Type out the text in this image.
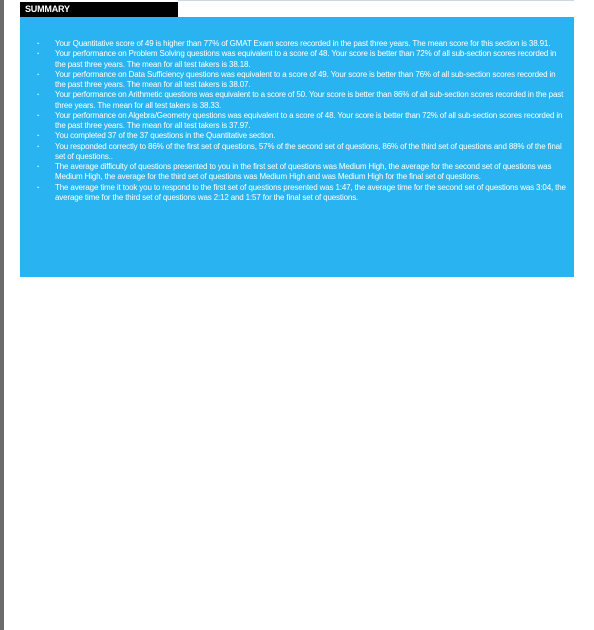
SUMMARY
· Your Quantitative score of 49 is higher than 77% of GMAT Exam scores recorded in the past three years. The mean score for this section is 38.91.
· Your performance on Problem Solving questions was equivalent to a score of 48. Your score is better than 72% of all sub-section scores recorded in the past three years. The mean for all test takers is 38.18.
· Your performance on Data Sufficiency questions was equivalent to a score of 49. Your score is better than 76% of all sub-section scores recorded in the past three years. The mean for all test takers is 38.07.
· Your performance on Arithmetic questions was equivalent to a score of 50. Your score is better than 86% of all sub-section scores recorded in the past three years. The mean for all test takers is 38.33.
· Your performance on Algebra/Geometry questions was equivalent to a score of 48. Your score is better than 72% of all sub-section scores recorded in the past three years. The mean for all test takers is 37.97.
· You completed 37 of the 37 questions in the Quantitative section.
· You responded correctly to 86% of the first set of questions, 57% of the second set of questions, 86% of the third set of questions and 88% of the final set of questions..
· The average difficulty of questions presented to you in the first set of questions was Medium High, the average for the second set of questions was Medium High, the average for the third set of questions was Medium High and was Medium High for the final set of questions.
· The average time it took you to respond to the first set of questions presented was 1:47, the average time for the second set of questions was 3:04, the average time for the third set of questions was 2:12 and 1:57 for the final set of questions.
